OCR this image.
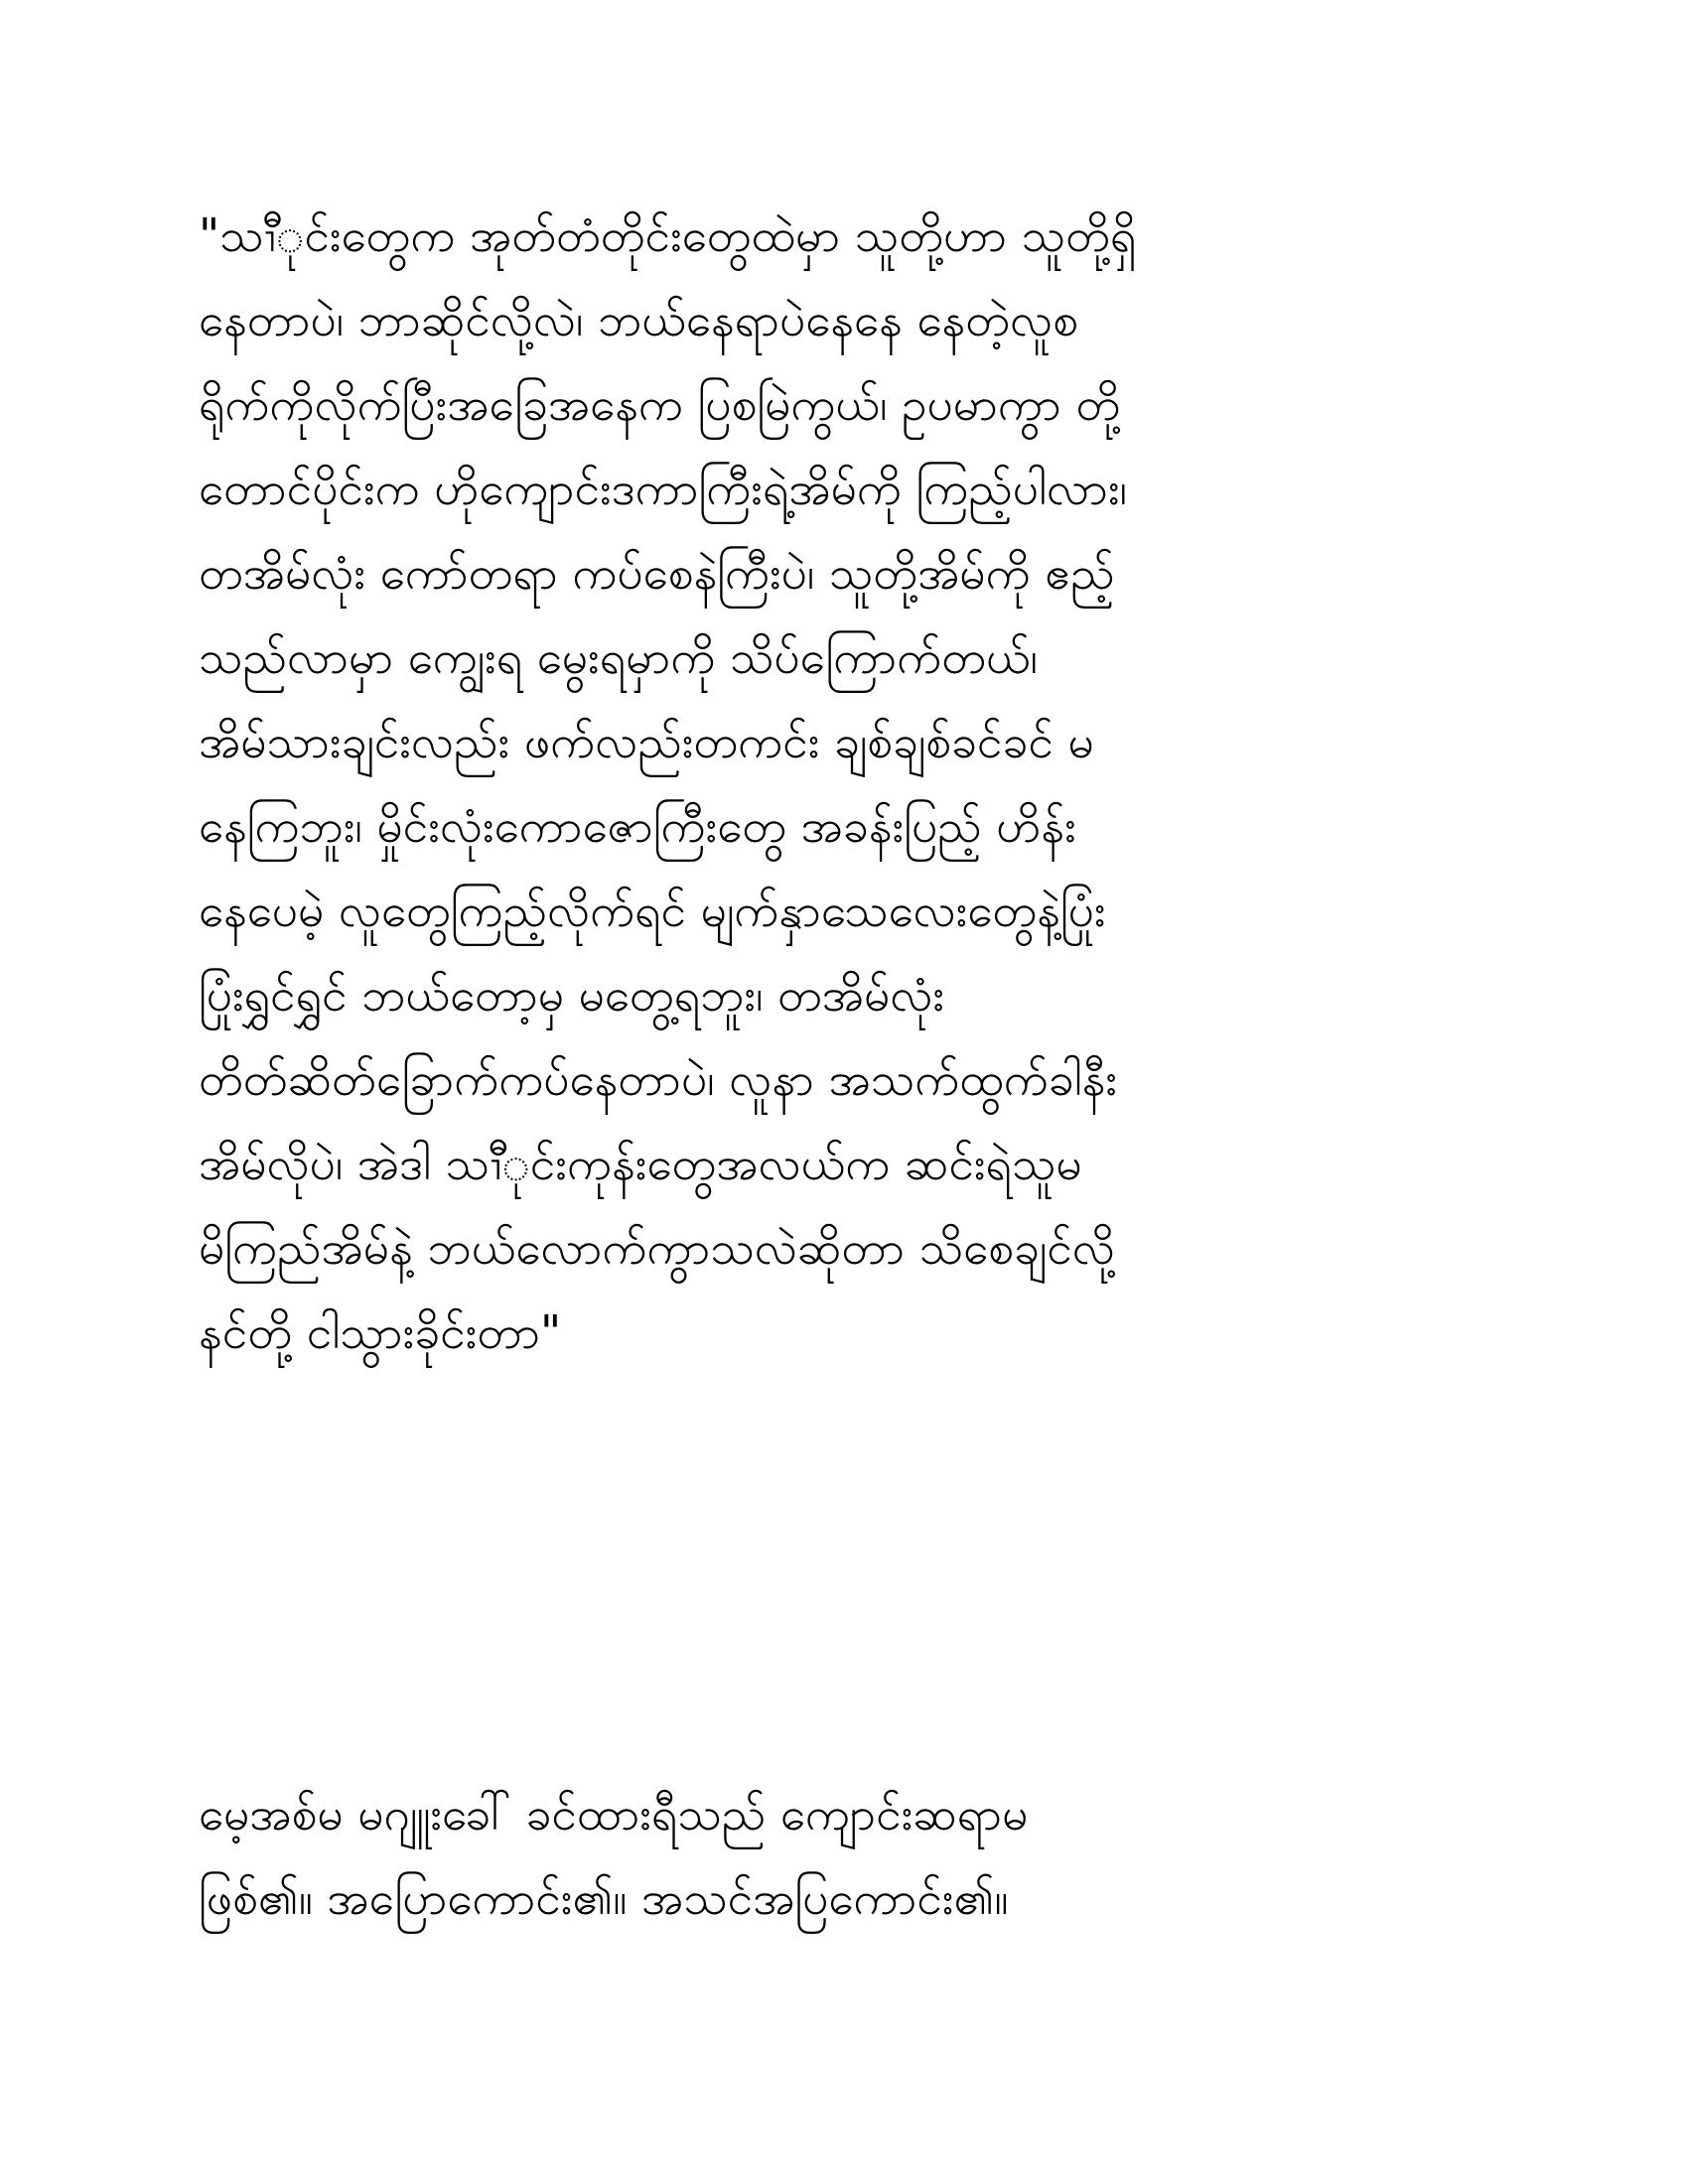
"သၢီိုင်းတွေက အုတ်တံတိုင်းတွေထဲမှာ သူတို့ဟာ သူတို့ရှိ
နေတာပဲ၊ ဘာဆိုင်လို့လဲ၊ ဘယ်နေရာပဲနေနေ နေတဲ့လူစ
ရိုက်ကိုလိုက်ပြီးအခြေအနေက ပြစမြဲကွယ်၊ ဥပမာကွာ တို့
တောင်ပိုင်းက ဟိုကျောင်းဒကာကြီးရဲ့အိမ်ကို ကြည့်ပါလား၊
တအိမ်လုံး ကော်တရာ ကပ်စေနဲကြီးပဲ၊ သူတို့အိမ်ကို ဧည့်
သည်လာမှာ ကျွေးရ မွေးရမှာကို သိပ်ကြောက်တယ်၊
အိမ်သားချင်းလည်း ဖက်လည်းတကင်း ချစ်ချစ်ခင်ခင် မ
နေကြဘူး၊ မှိုင်းလုံးကောဇောကြီးတွေ အခန်းပြည့် ဟိန်း
နေပေမဲ့ လူတွေကြည့်လိုက်ရင် မျက်နှာသေလေးတွေနဲ့ပြုံး
ပြုံးရွှင်ရွှင် ဘယ်တော့မှ မတွေ့ရဘူး၊ တအိမ်လုံး
တိတ်ဆိတ်ခြောက်ကပ်နေတာပဲ၊ လူနာ အသက်ထွက်ခါနီး
အိမ်လိုပဲ၊ အဲဒါ သၢီိုင်းကုန်းတွေအလယ်က ဆင်းရဲသူမ
မိကြည်အိမ်နဲ့ ဘယ်လောက်ကွာသလဲဆိုတာ သိစေချင်လို့
နင်တို့ ငါသွားခိုင်းတာ"
မေ့အစ်မ မဂျူးခေါ် ခင်ထားရီသည် ကျောင်းဆရာမ
ဖြစ်၏။ အပြောကောင်း၏။ အသင်အပြကောင်း၏။
